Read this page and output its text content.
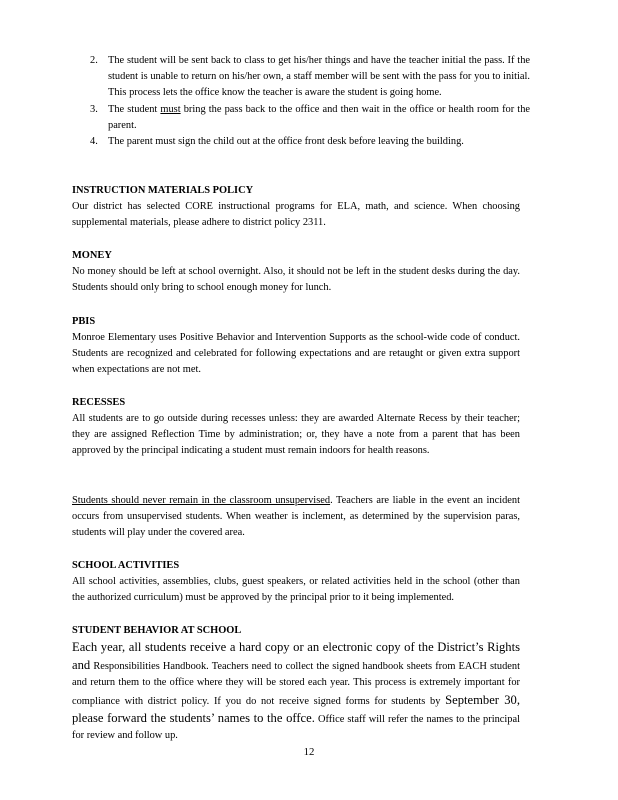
2. The student will be sent back to class to get his/her things and have the teacher initial the pass. If the student is unable to return on his/her own, a staff member will be sent with the pass for you to initial. This process lets the office know the teacher is aware the student is going home.
3. The student must bring the pass back to the office and then wait in the office or health room for the parent.
4. The parent must sign the child out at the office front desk before leaving the building.

INSTRUCTION MATERIALS POLICY

Our district has selected CORE instructional programs for ELA, math, and science. When choosing supplemental materials, please adhere to district policy 2311.

MONEY

No money should be left at school overnight. Also, it should not be left in the student desks during the day. Students should only bring to school enough money for lunch.

PBIS

Monroe Elementary uses Positive Behavior and Intervention Supports as the school-wide code of conduct. Students are recognized and celebrated for following expectations and are retaught or given extra support when expectations are not met.

RECESSES

All students are to go outside during recesses unless: they are awarded Alternate Recess by their teacher; they are assigned Reflection Time by administration; or, they have a note from a parent that has been approved by the principal indicating a student must remain indoors for health reasons.

Students should never remain in the classroom unsupervised. Teachers are liable in the event an incident occurs from unsupervised students. When weather is inclement, as determined by the supervision paras, students will play under the covered area.

SCHOOL ACTIVITIES

All school activities, assemblies, clubs, guest speakers, or related activities held in the school (other than the authorized curriculum) must be approved by the principal prior to it being implemented.

STUDENT BEHAVIOR AT SCHOOL

Each year, all students receive a hard copy or an electronic copy of the District’s Rights and Responsibilities Handbook. Teachers need to collect the signed handbook sheets from EACH student and return them to the office where they will be stored each year. This process is extremely important for compliance with district policy. If you do not receive signed forms for students by September 30, please forward the students’ names to the offce. Office staff will refer the names to the principal for review and follow up.

12
